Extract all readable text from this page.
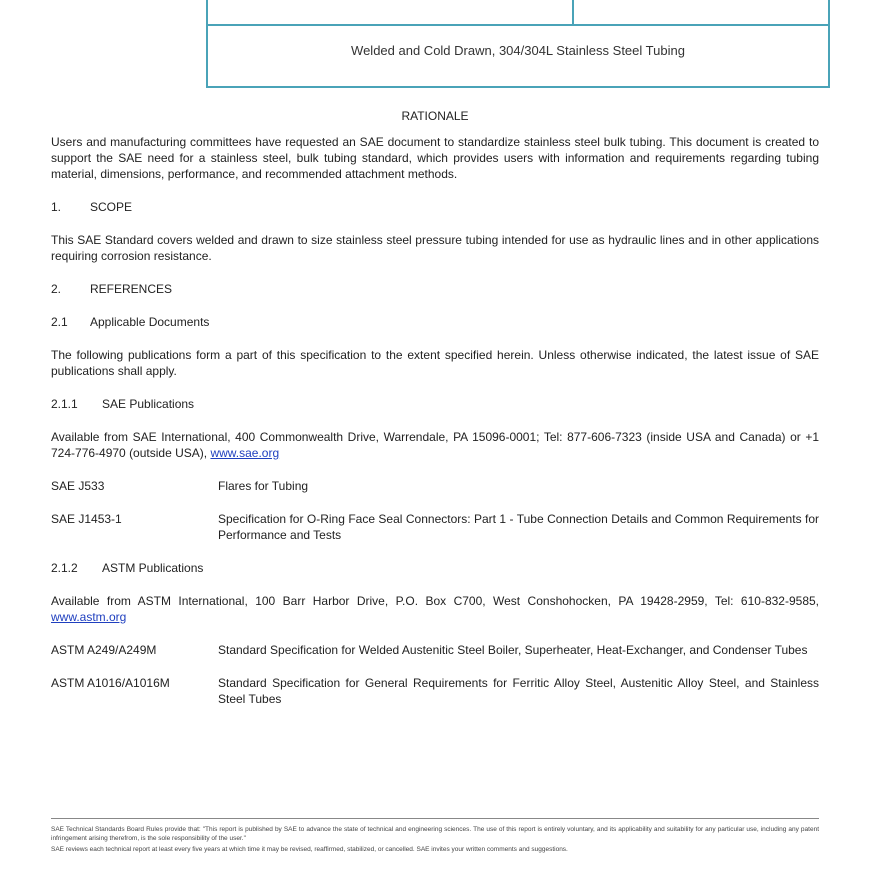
Welded and Cold Drawn, 304/304L Stainless Steel Tubing
RATIONALE

Users and manufacturing committees have requested an SAE document to standardize stainless steel bulk tubing. This document is created to support the SAE need for a stainless steel, bulk tubing standard, which provides users with information and requirements regarding tubing material, dimensions, performance, and recommended attachment methods.

1.	SCOPE

This SAE Standard covers welded and drawn to size stainless steel pressure tubing intended for use as hydraulic lines and in other applications requiring corrosion resistance.

2.	REFERENCES
2.1	Applicable Documents

The following publications form a part of this specification to the extent specified herein. Unless otherwise indicated, the latest issue of SAE publications shall apply.

2.1.1	SAE Publications

Available from SAE International, 400 Commonwealth Drive, Warrendale, PA 15096-0001; Tel: 877-606-7323 (inside USA and Canada) or +1 724-776-4970 (outside USA), www.sae.org

SAE J533	Flares for Tubing
SAE J1453-1	Specification for O-Ring Face Seal Connectors: Part 1 - Tube Connection Details and Common Requirements for Performance and Tests
2.1.2	ASTM Publications

Available from ASTM International, 100 Barr Harbor Drive, P.O. Box C700, West Conshohocken, PA 19428-2959, Tel: 610-832-9585, www.astm.org

ASTM A249/A249M	Standard Specification for Welded Austenitic Steel Boiler, Superheater, Heat-Exchanger, and Condenser Tubes
ASTM A1016/A1016M	Standard Specification for General Requirements for Ferritic Alloy Steel, Austenitic Alloy Steel, and Stainless Steel Tubes

SAE Technical Standards Board Rules provide that: "This report is published by SAE to advance the state of technical and engineering sciences. The use of this report is entirely voluntary, and its applicability and suitability for any particular use, including any patent infringement arising therefrom, is the sole responsibility of the user."

SAE reviews each technical report at least every five years at which time it may be revised, reaffirmed, stabilized, or cancelled. SAE invites your written comments and suggestions.
